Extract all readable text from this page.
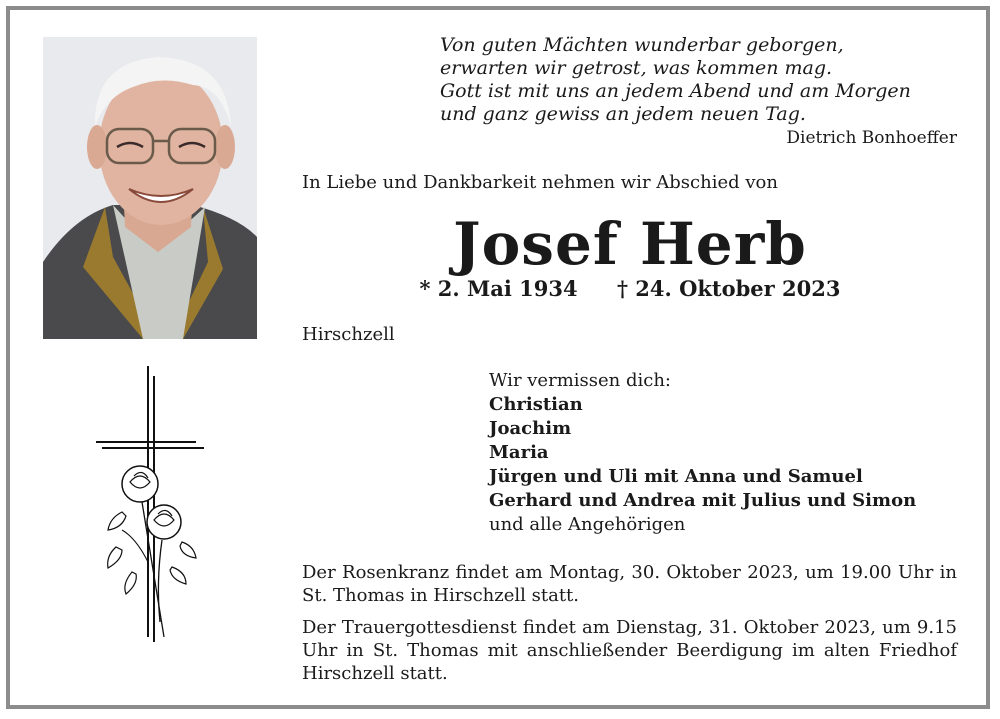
Von guten Mächten wunderbar geborgen,
erwarten wir getrost, was kommen mag.
Gott ist mit uns an jedem Abend und am Morgen
und ganz gewiss an jedem neuen Tag.
Dietrich Bonhoeffer
In Liebe und Dankbarkeit nehmen wir Abschied von
Josef Herb
* 2. Mai 1934 † 24. Oktober 2023
Hirschzell
Wir vermissen dich:
Christian
Joachim
Maria
Jürgen und Uli mit Anna und Samuel
Gerhard und Andrea mit Julius und Simon
und alle Angehörigen
Der Rosenkranz findet am Montag, 30. Oktober 2023, um 19.00 Uhr in St. Thomas in Hirschzell statt.
Der Trauergottesdienst findet am Dienstag, 31. Oktober 2023, um 9.15 Uhr in St. Thomas mit anschließender Beerdigung im alten Friedhof Hirschzell statt.
